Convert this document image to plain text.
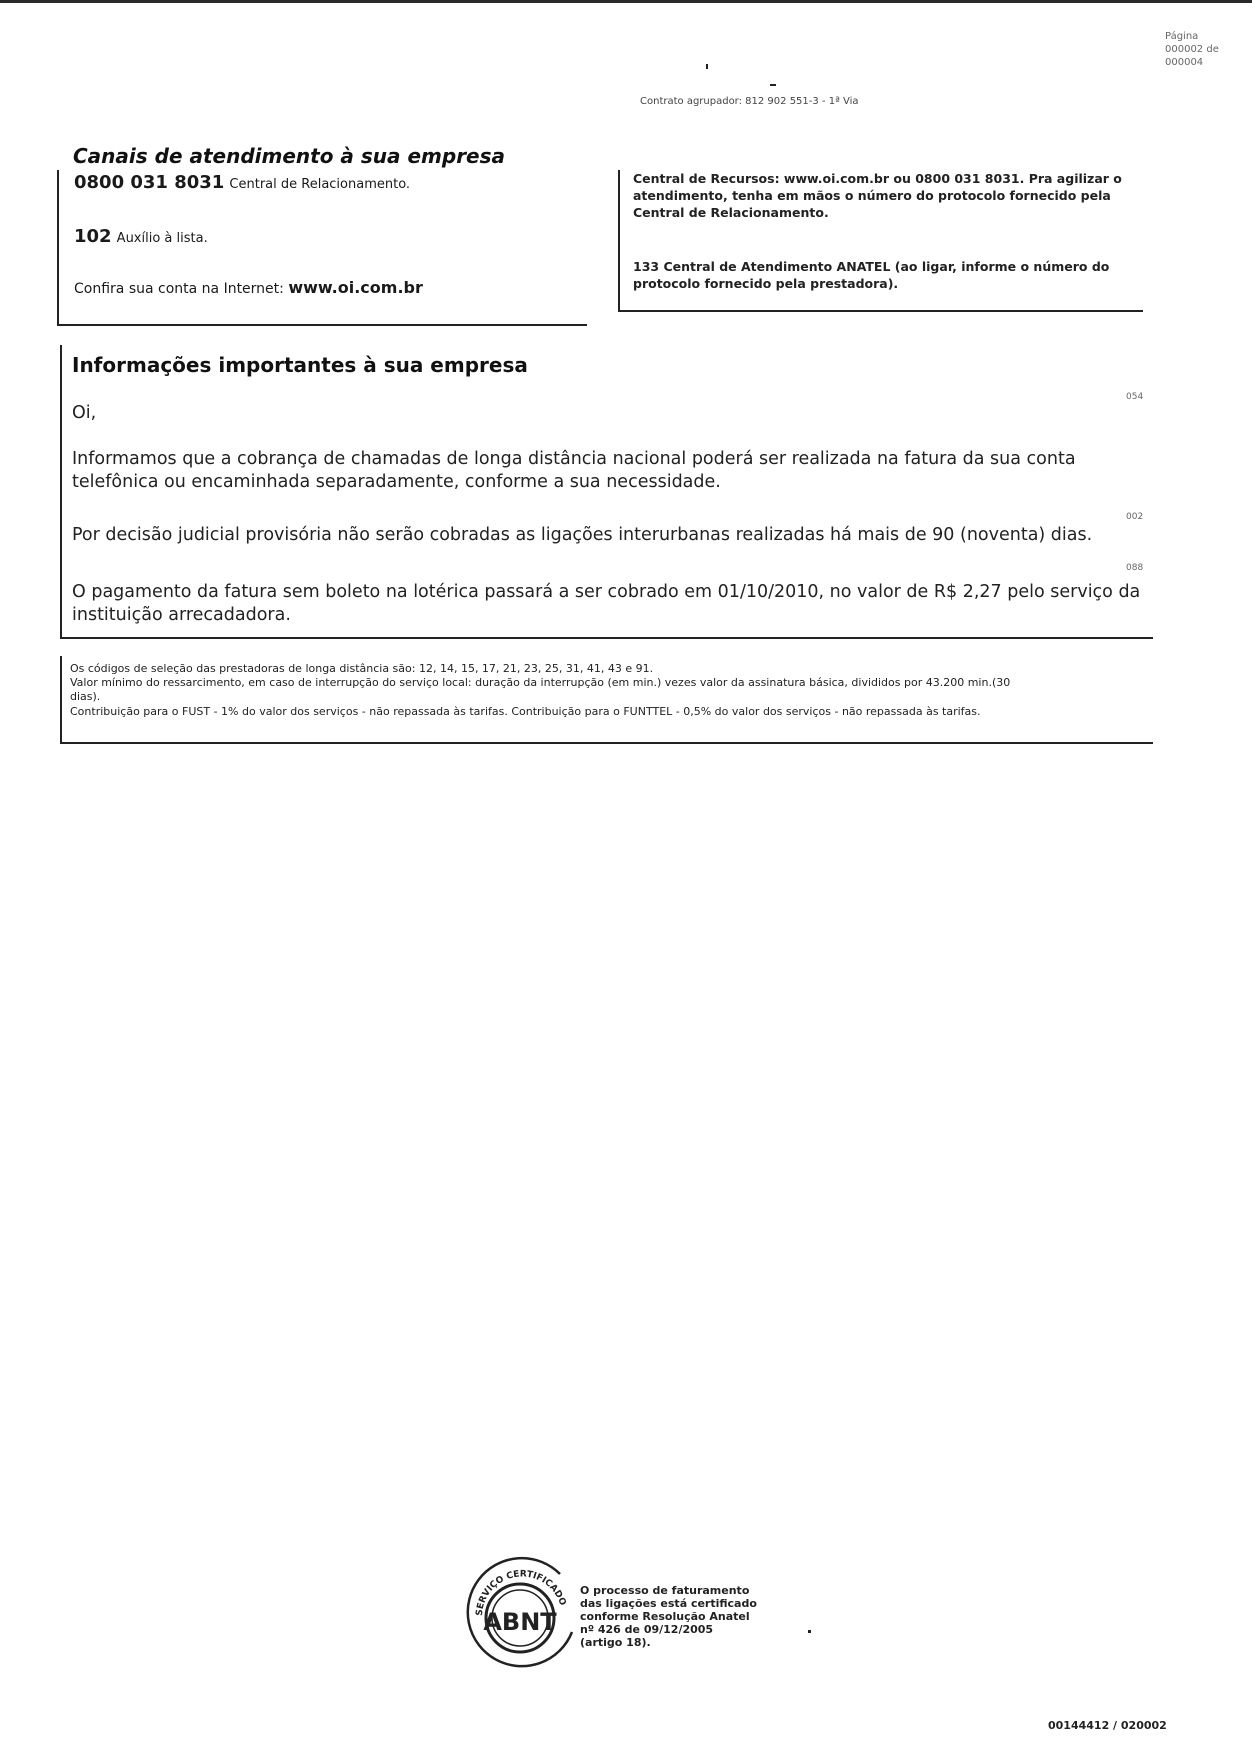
Página
000002 de
000004
Contrato agrupador: 812 902 551-3 - 1ª Via
Canais de atendimento à sua empresa
0800 031 8031 Central de Relacionamento.
102 Auxílio à lista.
Confira sua conta na Internet: www.oi.com.br
Central de Recursos: www.oi.com.br ou 0800 031 8031. Pra agilizar o
atendimento, tenha em mãos o número do protocolo fornecido pela
Central de Relacionamento.
133 Central de Atendimento ANATEL (ao ligar, informe o número do
protocolo fornecido pela prestadora).
Informações importantes à sua empresa
Oi,
054
Informamos que a cobrança de chamadas de longa distância nacional poderá ser realizada na fatura da sua conta
telefônica ou encaminhada separadamente, conforme a sua necessidade.
002
Por decisão judicial provisória não serão cobradas as ligações interurbanas realizadas há mais de 90 (noventa) dias.
088
O pagamento da fatura sem boleto na lotérica passará a ser cobrado em 01/10/2010, no valor de R$ 2,27 pelo serviço da
instituição arrecadadora.
Os códigos de seleção das prestadoras de longa distância são: 12, 14, 15, 17, 21, 23, 25, 31, 41, 43 e 91.
Valor mínimo do ressarcimento, em caso de interrupção do serviço local: duração da interrupção (em min.) vezes valor da assinatura básica, divididos por 43.200 min.(30
dias).
Contribuição para o FUST - 1% do valor dos serviços - não repassada às tarifas. Contribuição para o FUNTTEL - 0,5% do valor dos serviços - não repassada às tarifas.
SERVIÇO CERTIFICADO
ABNT
O processo de faturamento
das ligações está certificado
conforme Resolução Anatel
nº 426 de 09/12/2005
(artigo 18).
00144412 / 020002
